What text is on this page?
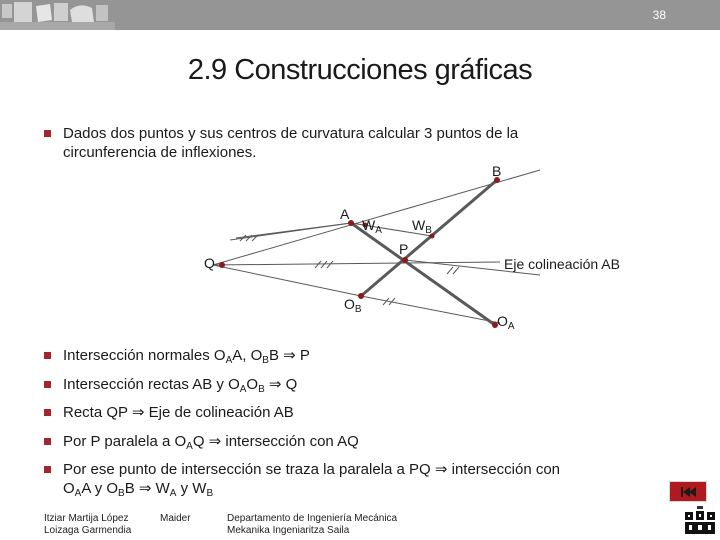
38
2.9 Construcciones gráficas
Dados dos puntos y sus centros de curvatura calcular 3 puntos de la
circunferencia de inflexiones.
B
A
$W_A$ $W_B$
P
Q
$O_B$
$O_A$
Eje colineación AB
Intersección normales $O_AA$, $O_BB$ ⇒ P
Intersección rectas AB y $O_AO_B$ ⇒ Q
Recta QP ⇒ Eje de colineación AB
Por P paralela a $O_AQ$ ⇒ intersección con AQ
Por ese punto de intersección se traza la paralela a PQ ⇒ intersección con
$O_AA$ y $O_BB$ ⇒ $W_A$ y $W_B$
Itziar Martija López
Loizaga Garmendia
Maider	Departamento de Ingeniería Mecánica
Mekanika Ingeniaritza Saila
